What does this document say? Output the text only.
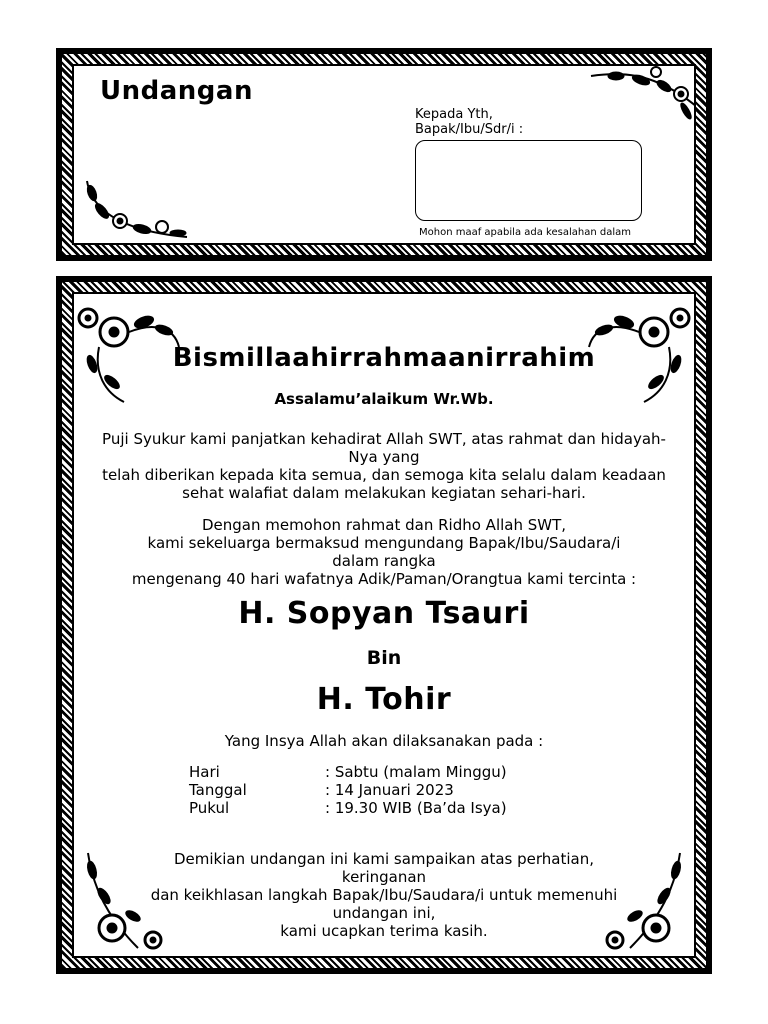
Undangan
Kepada Yth,
Bapak/Ibu/Sdr/i :
Mohon maaf apabila ada kesalahan dalam
Bismillaahirrahmaanirrahim
Assalamu’alaikum Wr.Wb.
Puji Syukur kami panjatkan kehadirat Allah SWT, atas rahmat dan hidayah-
Nya yang
telah diberikan kepada kita semua, dan semoga kita selalu dalam keadaan
sehat walafiat dalam melakukan kegiatan sehari-hari.
Dengan memohon rahmat dan Ridho Allah SWT,
kami sekeluarga bermaksud mengundang Bapak/Ibu/Saudara/i
dalam rangka
mengenang 40 hari wafatnya Adik/Paman/Orangtua kami tercinta :
H. Sopyan Tsauri
Bin
H. Tohir
Yang Insya Allah akan dilaksanakan pada :
Hari	: Sabtu (malam Minggu)
Tanggal	: 14 Januari 2023
Pukul	: 19.30 WIB (Ba’da Isya)
Demikian undangan ini kami sampaikan atas perhatian,
keringanan
dan keikhlasan langkah Bapak/Ibu/Saudara/i untuk memenuhi
undangan ini,
kami ucapkan terima kasih.
